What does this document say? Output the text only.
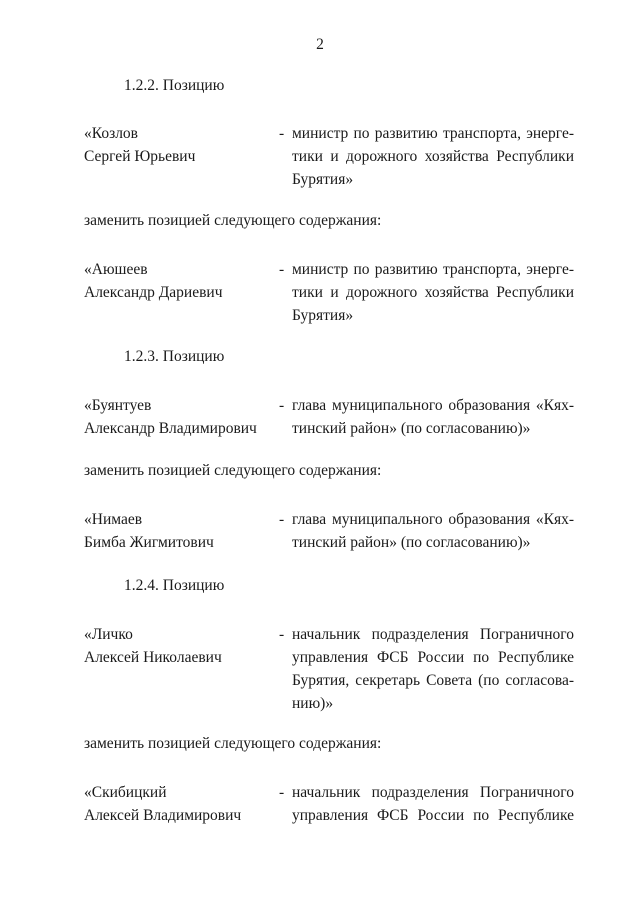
2
1.2.2. Позицию
«Козлов
Сергей Юрьевич
- министр по развитию транспорта, энерге-
тики и дорожного хозяйства Республики
Бурятия»
заменить позицией следующего содержания:
«Аюшеев
Александр Дариевич
- министр по развитию транспорта, энерге-
тики и дорожного хозяйства Республики
Бурятия»
1.2.3. Позицию
«Буянтуев
Александр Владимирович
- глава муниципального образования «Кях-
тинский район» (по согласованию)»
заменить позицией следующего содержания:
«Нимаев
Бимба Жигмитович
- глава муниципального образования «Кях-
тинский район» (по согласованию)»
1.2.4. Позицию
«Личко
Алексей Николаевич
- начальник подразделения Пограничного
управления ФСБ России по Республике
Бурятия, секретарь Совета (по согласова-
нию)»
заменить позицией следующего содержания:
«Скибицкий
Алексей Владимирович
- начальник подразделения Пограничного
управления ФСБ России по Республике
